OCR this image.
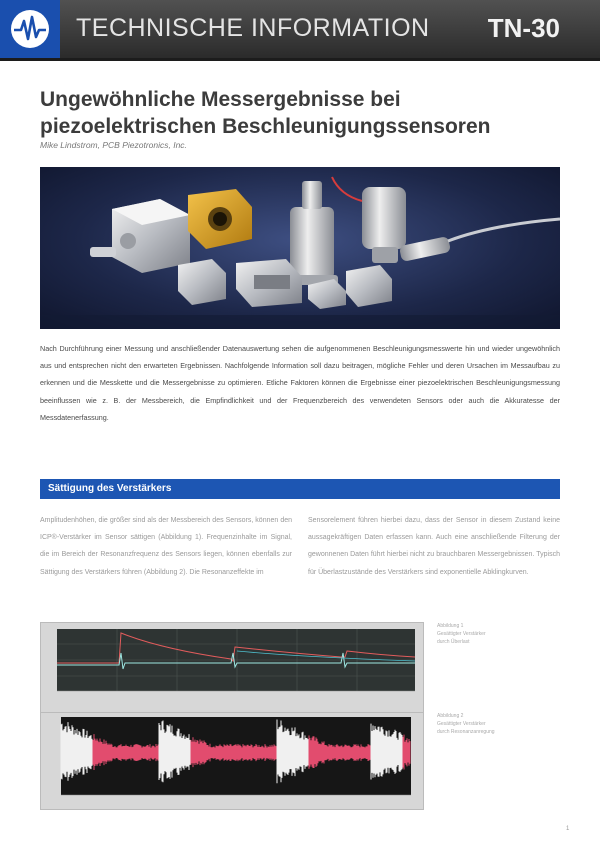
TECHNISCHE INFORMATION TN-30
Ungewöhnliche Messergebnisse bei
piezoelektrischen Beschleunigungssensoren
Mike Lindstrom, PCB Piezotronics, Inc.

Nach Durchführung einer Messung und anschließender Datenauswertung sehen die aufgenommenen Beschleunigungsmesswerte hin und wieder ungewöhnlich aus und entsprechen nicht den erwarteten Ergebnissen. Nachfolgende Information soll dazu beitragen, mögliche Fehler und deren Ursachen im Messaufbau zu erkennen und die Messkette und die Messergebnisse zu optimieren. Etliche Faktoren können die Ergebnisse einer piezoelektrischen Beschleunigungsmessung beeinflussen wie z. B. der Messbereich, die Empfindlichkeit und der Frequenzbereich des verwendeten Sensors oder auch die Akkuratesse der Messdatenerfassung.

Sättigung des Verstärkers
Amplitudenhöhen, die größer sind als der Messbereich des Sensors, können den ICP®-Verstärker im Sensor sättigen (Abbildung 1). Frequenzinhalte im Signal, die im Bereich der Resonanzfrequenz des Sensors liegen, können ebenfalls zur Sättigung des Verstärkers führen (Abbildung 2). Die Resonanzeffekte im
Sensorelement führen hierbei dazu, dass der Sensor in diesem Zustand keine aussagekräftigen Daten erfassen kann. Auch eine anschließende Filterung der gewonnenen Daten führt hierbei nicht zu brauchbaren Messergebnissen. Typisch für Überlastzustände des Verstärkers sind exponentielle Abklingkurven.

Abbildung 1
Gesättigter Verstärker
durch Überlast
Abbildung 2
Gesättigter Verstärker
durch Resonanzanregung
1
